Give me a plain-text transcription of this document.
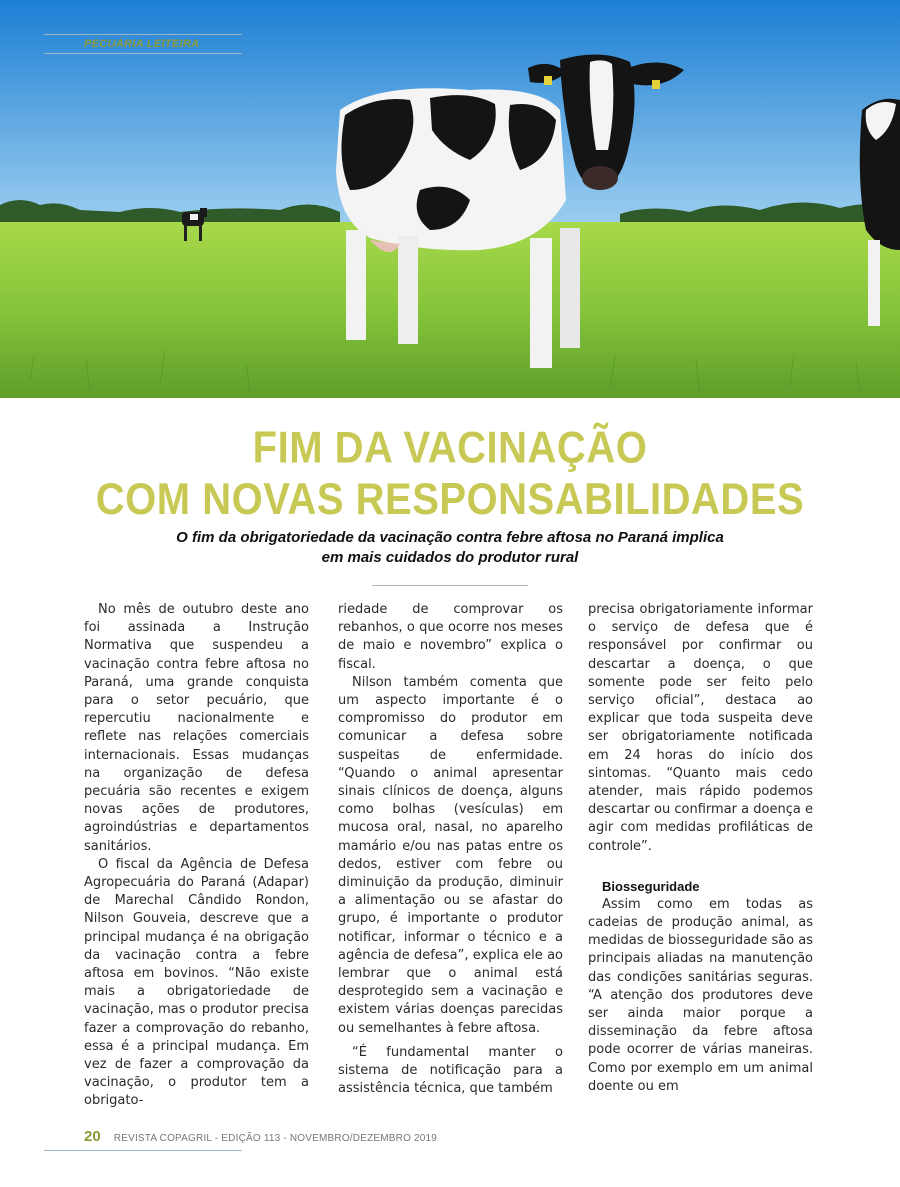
PECUÁRIA LEITEIRA
FIM DA VACINAÇÃO
COM NOVAS RESPONSABILIDADES
O fim da obrigatoriedade da vacinação contra febre aftosa no Paraná implica
em mais cuidados do produtor rural

No mês de outubro deste ano foi assinada a Instrução Normativa que suspendeu a vacinação contra febre aftosa no Paraná, uma grande conquista para o setor pecuário, que repercutiu nacionalmente e reflete nas relações comerciais internacionais. Essas mudanças na organização de defesa pecuária são recentes e exigem novas ações de produtores, agroindústrias e departamentos sanitários.

O fiscal da Agência de Defesa Agropecuária do Paraná (Adapar) de Marechal Cândido Rondon, Nilson Gouveia, descreve que a principal mudança é na obrigação da vacinação contra a febre aftosa em bovinos. “Não existe mais a obrigatoriedade de vacinação, mas o produtor precisa fazer a comprovação do rebanho, essa é a principal mudança. Em vez de fazer a comprovação da vacinação, o produtor tem a obrigato-

riedade de comprovar os rebanhos, o que ocorre nos meses de maio e novembro” explica o fiscal.

Nilson também comenta que um aspecto importante é o compromisso do produtor em comunicar a defesa sobre suspeitas de enfermidade. “Quando o animal apresentar sinais clínicos de doença, alguns como bolhas (vesículas) em mucosa oral, nasal, no aparelho mamário e/ou nas patas entre os dedos, estiver com febre ou diminuição da produção, diminuir a alimentação ou se afastar do grupo, é importante o produtor notificar, informar o técnico e a agência de defesa”, explica ele ao lembrar que o animal está desprotegido sem a vacinação e existem várias doenças parecidas ou semelhantes à febre aftosa.

“É fundamental manter o sistema de notificação para a assistência técnica, que também

precisa obrigatoriamente informar o serviço de defesa que é responsável por confirmar ou descartar a doença, o que somente pode ser feito pelo serviço oficial”, destaca ao explicar que toda suspeita deve ser obrigatoriamente notificada em 24 horas do início dos sintomas. “Quanto mais cedo atender, mais rápido podemos descartar ou confirmar a doença e agir com medidas profiláticas de controle”.

Biosseguridade

Assim como em todas as cadeias de produção animal, as medidas de biosseguridade são as principais aliadas na manutenção das condições sanitárias seguras. “A atenção dos produtores deve ser ainda maior porque a disseminação da febre aftosa pode ocorrer de várias maneiras. Como por exemplo em um animal doente ou em

20 REVISTA COPAGRIL - EDIÇÃO 113 - NOVEMBRO/DEZEMBRO 2019
